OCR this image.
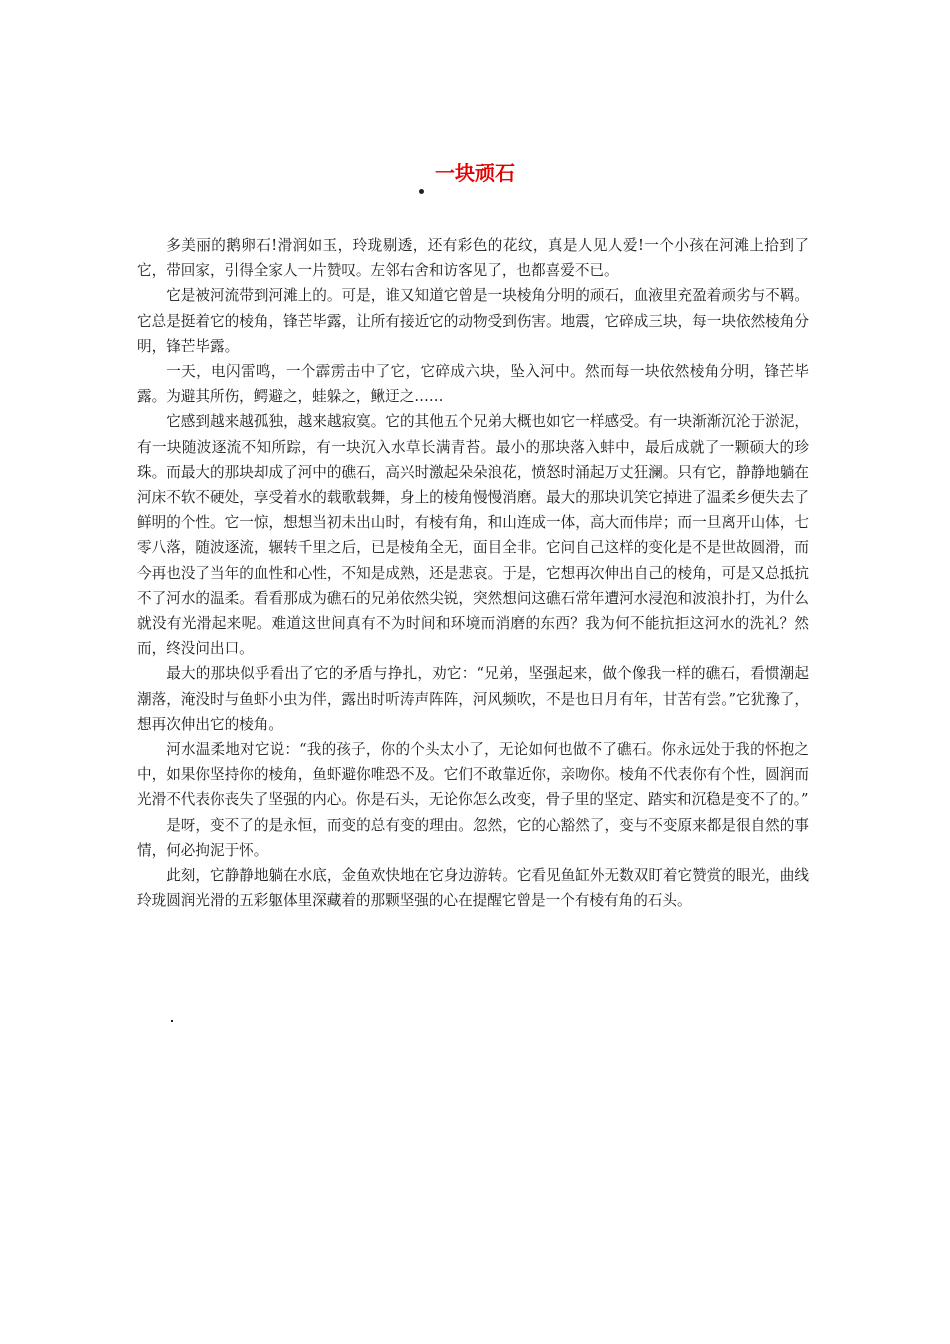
一块顽石

多美丽的鹅卵石!滑润如玉，玲珑剔透，还有彩色的花纹，真是人见人爱!一个小孩在河滩上拾到了它，带回家，引得全家人一片赞叹。左邻右舍和访客见了，也都喜爱不已。

它是被河流带到河滩上的。可是，谁又知道它曾是一块棱角分明的顽石，血液里充盈着顽劣与不羁。它总是挺着它的棱角，锋芒毕露，让所有接近它的动物受到伤害。地震，它碎成三块，每一块依然棱角分明，锋芒毕露。

一天，电闪雷鸣，一个霹雳击中了它，它碎成六块，坠入河中。然而每一块依然棱角分明，锋芒毕露。为避其所伤，鳄避之，蛙躲之，鳅迂之……

它感到越来越孤独，越来越寂寞。它的其他五个兄弟大概也如它一样感受。有一块渐渐沉沦于淤泥，有一块随波逐流不知所踪，有一块沉入水草长满青苔。最小的那块落入蚌中，最后成就了一颗硕大的珍珠。而最大的那块却成了河中的礁石，高兴时激起朵朵浪花，愤怒时涌起万丈狂澜。只有它，静静地躺在河床不软不硬处，享受着水的载歌载舞，身上的棱角慢慢消磨。最大的那块讥笑它掉进了温柔乡便失去了鲜明的个性。它一惊，想想当初未出山时，有棱有角，和山连成一体，高大而伟岸；而一旦离开山体，七零八落，随波逐流，辗转千里之后，已是棱角全无，面目全非。它问自己这样的变化是不是世故圆滑，而今再也没了当年的血性和心性，不知是成熟，还是悲哀。于是，它想再次伸出自己的棱角，可是又总抵抗不了河水的温柔。看看那成为礁石的兄弟依然尖锐，突然想问这礁石常年遭河水浸泡和波浪扑打，为什么就没有光滑起来呢。难道这世间真有不为时间和环境而消磨的东西？我为何不能抗拒这河水的洗礼？然而，终没问出口。

最大的那块似乎看出了它的矛盾与挣扎，劝它：“兄弟，坚强起来，做个像我一样的礁石，看惯潮起潮落，淹没时与鱼虾小虫为伴，露出时听涛声阵阵，河风频吹，不是也日月有年，甘苦有尝。”它犹豫了，想再次伸出它的棱角。

河水温柔地对它说：“我的孩子，你的个头太小了，无论如何也做不了礁石。你永远处于我的怀抱之中，如果你坚持你的棱角，鱼虾避你唯恐不及。它们不敢靠近你，亲吻你。棱角不代表你有个性，圆润而光滑不代表你丧失了坚强的内心。你是石头，无论你怎么改变，骨子里的坚定、踏实和沉稳是变不了的。”

是呀，变不了的是永恒，而变的总有变的理由。忽然，它的心豁然了，变与不变原来都是很自然的事情，何必拘泥于怀。

此刻，它静静地躺在水底，金鱼欢快地在它身边游转。它看见鱼缸外无数双盯着它赞赏的眼光，曲线玲珑圆润光滑的五彩躯体里深藏着的那颗坚强的心在提醒它曾是一个有棱有角的石头。
